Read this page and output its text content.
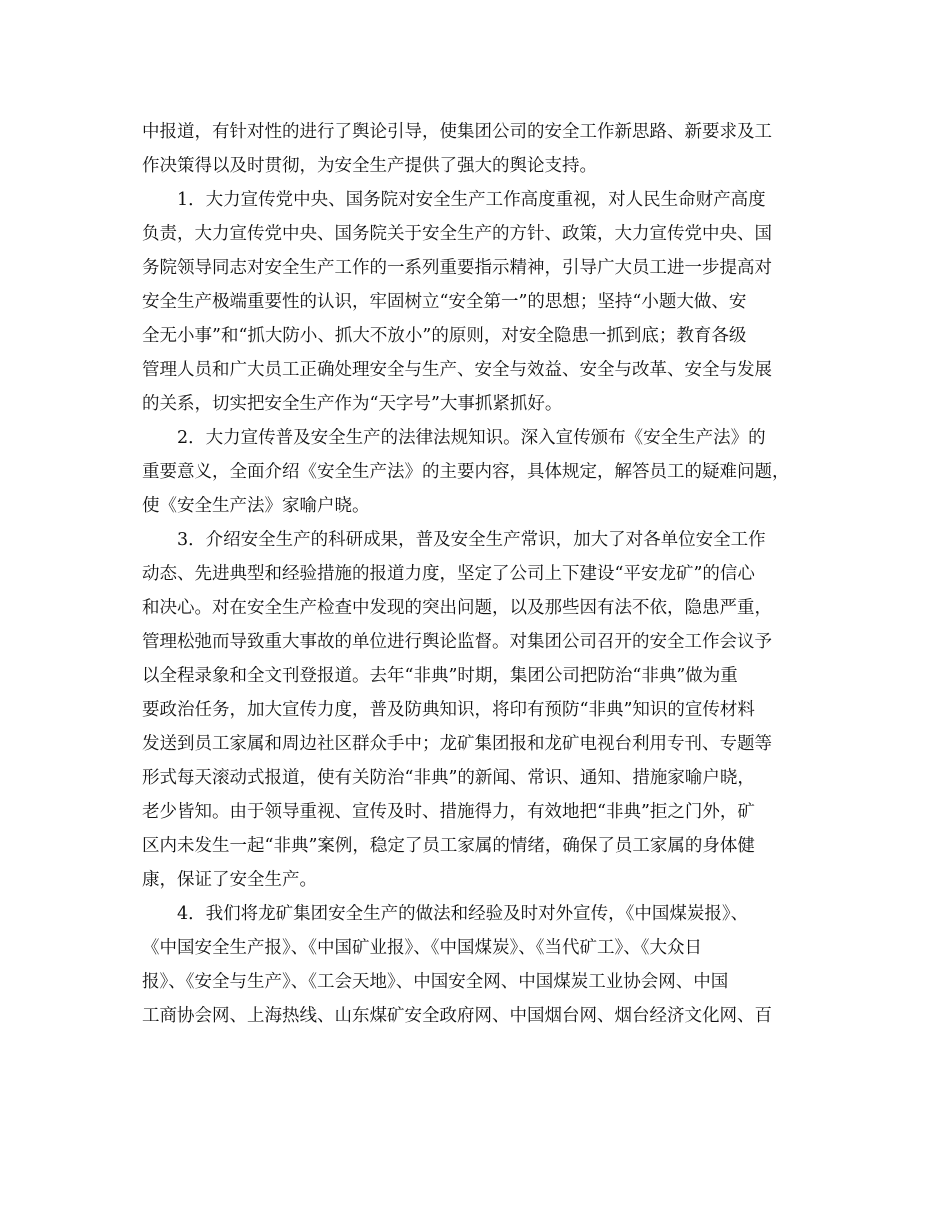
中报道，有针对性的进行了舆论引导，使集团公司的安全工作新思路、新要求及工
作决策得以及时贯彻，为安全生产提供了强大的舆论支持。
1．大力宣传党中央、国务院对安全生产工作高度重视，对人民生命财产高度
负责，大力宣传党中央、国务院关于安全生产的方针、政策，大力宣传党中央、国
务院领导同志对安全生产工作的一系列重要指示精神，引导广大员工进一步提高对
安全生产极端重要性的认识，牢固树立“安全第一”的思想；坚持“小题大做、安
全无小事”和“抓大防小、抓大不放小”的原则，对安全隐患一抓到底；教育各级
管理人员和广大员工正确处理安全与生产、安全与效益、安全与改革、安全与发展
的关系，切实把安全生产作为“天字号”大事抓紧抓好。
2．大力宣传普及安全生产的法律法规知识。深入宣传颁布《安全生产法》的
重要意义，全面介绍《安全生产法》的主要内容，具体规定，解答员工的疑难问题，
使《安全生产法》家喻户晓。
3．介绍安全生产的科研成果，普及安全生产常识，加大了对各单位安全工作
动态、先进典型和经验措施的报道力度，坚定了公司上下建设“平安龙矿”的信心
和决心。对在安全生产检查中发现的突出问题，以及那些因有法不依，隐患严重，
管理松弛而导致重大事故的单位进行舆论监督。对集团公司召开的安全工作会议予
以全程录象和全文刊登报道。去年“非典”时期，集团公司把防治“非典”做为重
要政治任务，加大宣传力度，普及防典知识，将印有预防“非典”知识的宣传材料
发送到员工家属和周边社区群众手中；龙矿集团报和龙矿电视台利用专刊、专题等
形式每天滚动式报道，使有关防治“非典”的新闻、常识、通知、措施家喻户晓，
老少皆知。由于领导重视、宣传及时、措施得力，有效地把“非典”拒之门外，矿
区内未发生一起“非典”案例，稳定了员工家属的情绪，确保了员工家属的身体健
康，保证了安全生产。
4．我们将龙矿集团安全生产的做法和经验及时对外宣传，《中国煤炭报》、
《中国安全生产报》、《中国矿业报》、《中国煤炭》、《当代矿工》、《大众日
报》、《安全与生产》、《工会天地》、中国安全网、中国煤炭工业协会网、中国
工商协会网、上海热线、山东煤矿安全政府网、中国烟台网、烟台经济文化网、百
